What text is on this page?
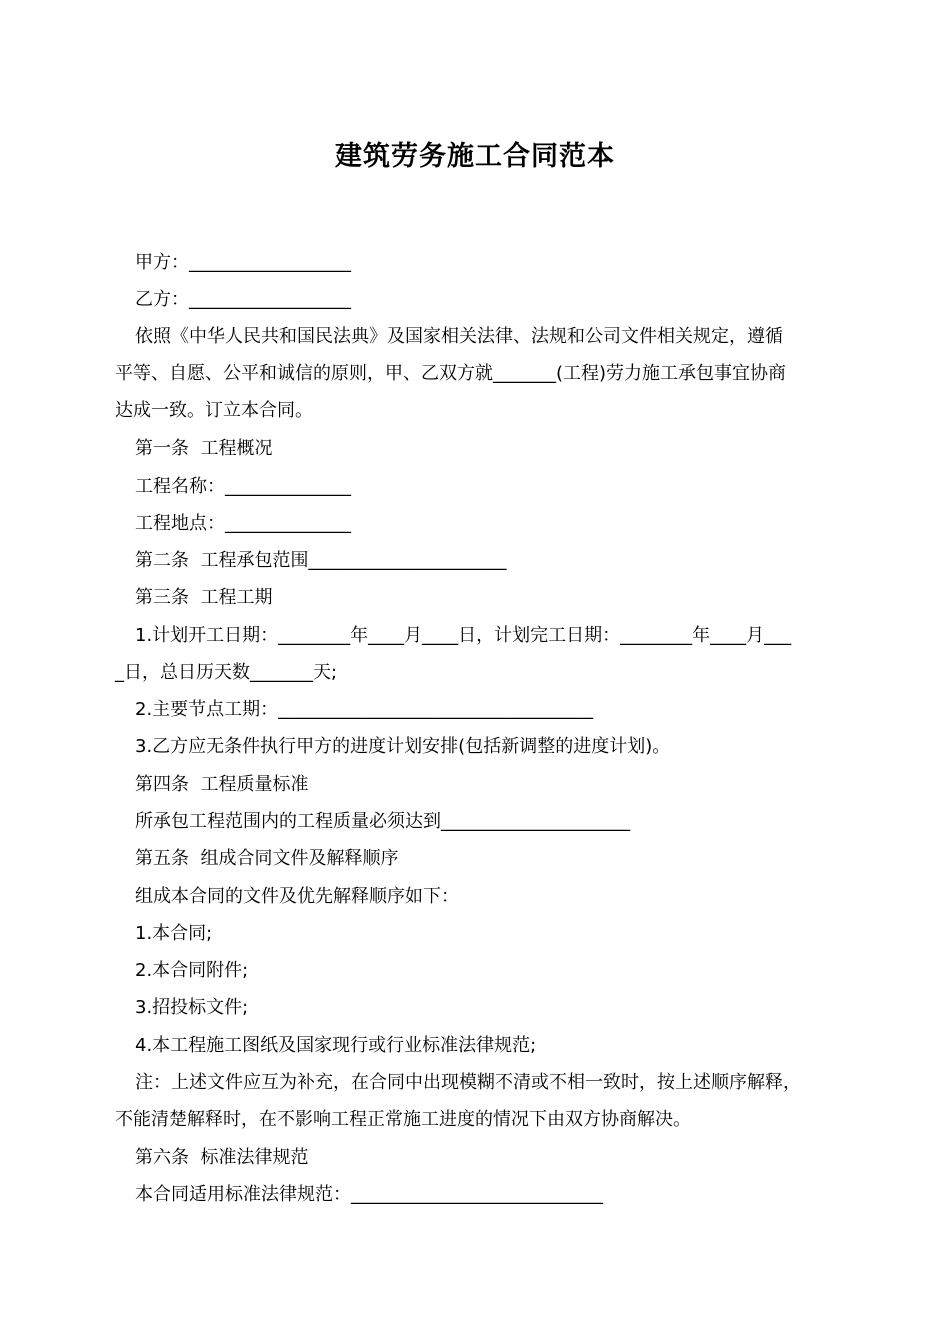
建筑劳务施工合同范本
甲方：__________________
乙方：__________________
依照《中华人民共和国民法典》及国家相关法律、法规和公司文件相关规定，遵循
平等、自愿、公平和诚信的原则，甲、乙双方就_______(工程)劳力施工承包事宜协商
达成一致。订立本合同。
第一条  工程概况
工程名称：______________
工程地点：______________
第二条  工程承包范围______________________
第三条  工程工期
1.计划开工日期：________年____月____日，计划完工日期：________年____月___
_日，总日历天数_______天;
2.主要节点工期：___________________________________
3.乙方应无条件执行甲方的进度计划安排(包括新调整的进度计划)。
第四条  工程质量标准
所承包工程范围内的工程质量必须达到_____________________
第五条  组成合同文件及解释顺序
组成本合同的文件及优先解释顺序如下：
1.本合同;
2.本合同附件;
3.招投标文件;
4.本工程施工图纸及国家现行或行业标准法律规范;
注：上述文件应互为补充，在合同中出现模糊不清或不相一致时，按上述顺序解释，
不能清楚解释时，在不影响工程正常施工进度的情况下由双方协商解决。
第六条  标准法律规范
本合同适用标准法律规范：____________________________
